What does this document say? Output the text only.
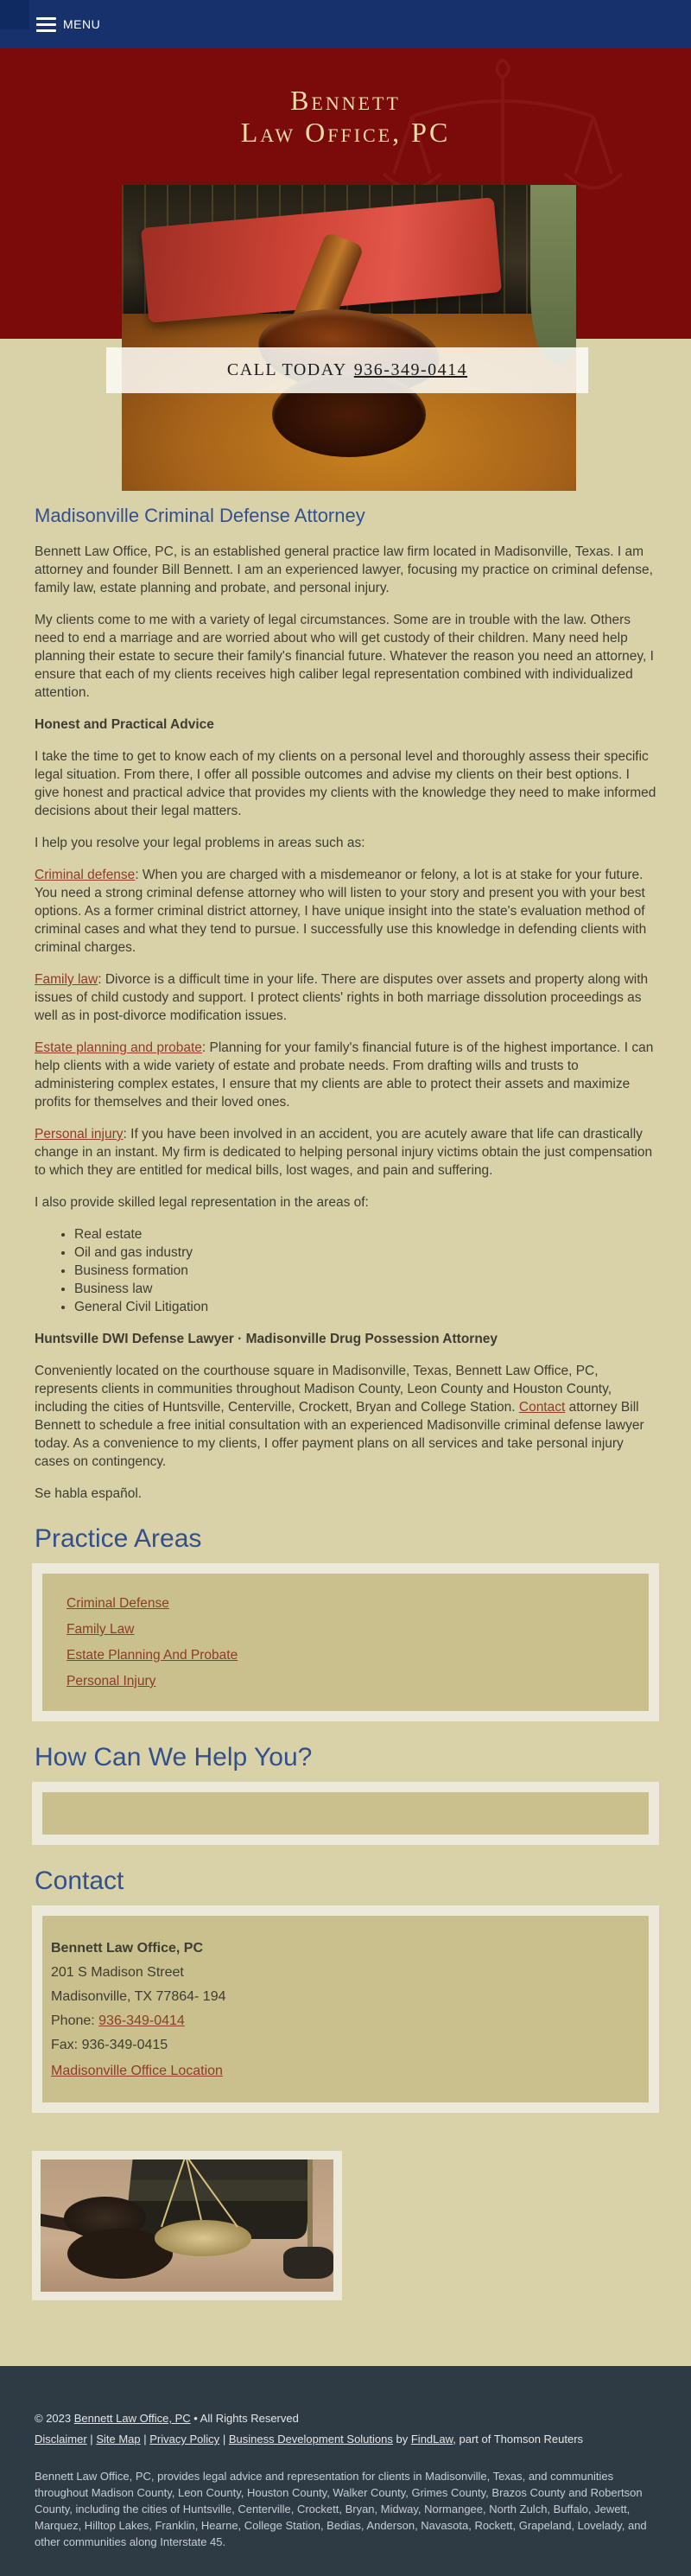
MENU
Bennett
Law Office, PC
CALL TODAY 936-349-0414
Madisonville Criminal Defense Attorney

Bennett Law Office, PC, is an established general practice law firm located in Madisonville, Texas. I am attorney and founder Bill Bennett. I am an experienced lawyer, focusing my practice on criminal defense, family law, estate planning and probate, and personal injury.

My clients come to me with a variety of legal circumstances. Some are in trouble with the law. Others need to end a marriage and are worried about who will get custody of their children. Many need help planning their estate to secure their family's financial future. Whatever the reason you need an attorney, I ensure that each of my clients receives high caliber legal representation combined with individualized attention.

Honest and Practical Advice

I take the time to get to know each of my clients on a personal level and thoroughly assess their specific legal situation. From there, I offer all possible outcomes and advise my clients on their best options. I give honest and practical advice that provides my clients with the knowledge they need to make informed decisions about their legal matters.

I help you resolve your legal problems in areas such as:

Criminal defense: When you are charged with a misdemeanor or felony, a lot is at stake for your future. You need a strong criminal defense attorney who will listen to your story and present you with your best options. As a former criminal district attorney, I have unique insight into the state's evaluation method of criminal cases and what they tend to pursue. I successfully use this knowledge in defending clients with criminal charges.

Family law: Divorce is a difficult time in your life. There are disputes over assets and property along with issues of child custody and support. I protect clients' rights in both marriage dissolution proceedings as well as in post-divorce modification issues.

Estate planning and probate: Planning for your family's financial future is of the highest importance. I can help clients with a wide variety of estate and probate needs. From drafting wills and trusts to administering complex estates, I ensure that my clients are able to protect their assets and maximize profits for themselves and their loved ones.

Personal injury: If you have been involved in an accident, you are acutely aware that life can drastically change in an instant. My firm is dedicated to helping personal injury victims obtain the just compensation to which they are entitled for medical bills, lost wages, and pain and suffering.

I also provide skilled legal representation in the areas of:

• Real estate
• Oil and gas industry
• Business formation
• Business law
• General Civil Litigation
Huntsville DWI Defense Lawyer · Madisonville Drug Possession Attorney

Conveniently located on the courthouse square in Madisonville, Texas, Bennett Law Office, PC, represents clients in communities throughout Madison County, Leon County and Houston County, including the cities of Huntsville, Centerville, Crockett, Bryan and College Station. Contact attorney Bill Bennett to schedule a free initial consultation with an experienced Madisonville criminal defense lawyer today. As a convenience to my clients, I offer payment plans on all services and take personal injury cases on contingency.

Se habla español.

Practice Areas
Criminal Defense
Family Law
Estate Planning And Probate
Personal Injury
How Can We Help You?
Contact
Bennett Law Office, PC
201 S Madison Street
Madisonville, TX 77864- 194
Phone: 936-349-0414
Fax: 936-349-0415
Madisonville Office Location
© 2023 Bennett Law Office, PC • All Rights Reserved
Disclaimer | Site Map | Privacy Policy | Business Development Solutions by FindLaw, part of Thomson Reuters
Bennett Law Office, PC, provides legal advice and representation for clients in Madisonville, Texas, and communities throughout Madison County, Leon County, Houston County, Walker County, Grimes County, Brazos County and Robertson County, including the cities of Huntsville, Centerville, Crockett, Bryan, Midway, Normangee, North Zulch, Buffalo, Jewett, Marquez, Hilltop Lakes, Franklin, Hearne, College Station, Bedias, Anderson, Navasota, Rockett, Grapeland, Lovelady, and other communities along Interstate 45.
